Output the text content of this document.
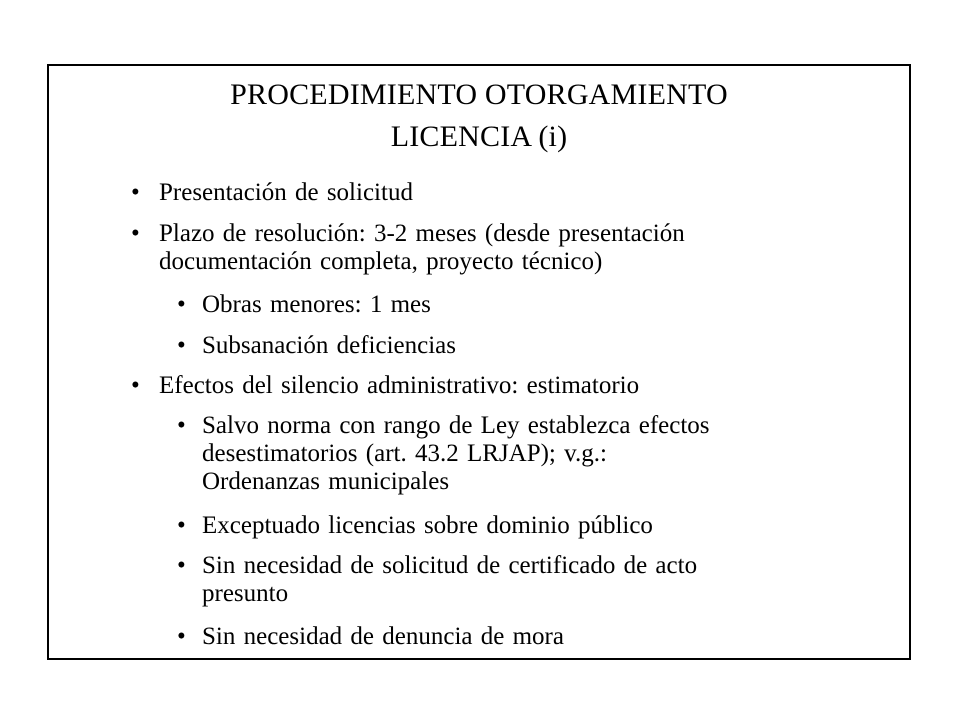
PROCEDIMIENTO OTORGAMIENTO
LICENCIA (i)
• Presentación de solicitud
• Plazo de resolución: 3-2 meses (desde presentación
documentación completa, proyecto técnico)
• Obras menores: 1 mes
• Subsanación deficiencias
• Efectos del silencio administrativo: estimatorio
• Salvo norma con rango de Ley establezca efectos
desestimatorios (art. 43.2 LRJAP); v.g.:
Ordenanzas municipales
• Exceptuado licencias sobre dominio público
• Sin necesidad de solicitud de certificado de acto
presunto
• Sin necesidad de denuncia de mora
